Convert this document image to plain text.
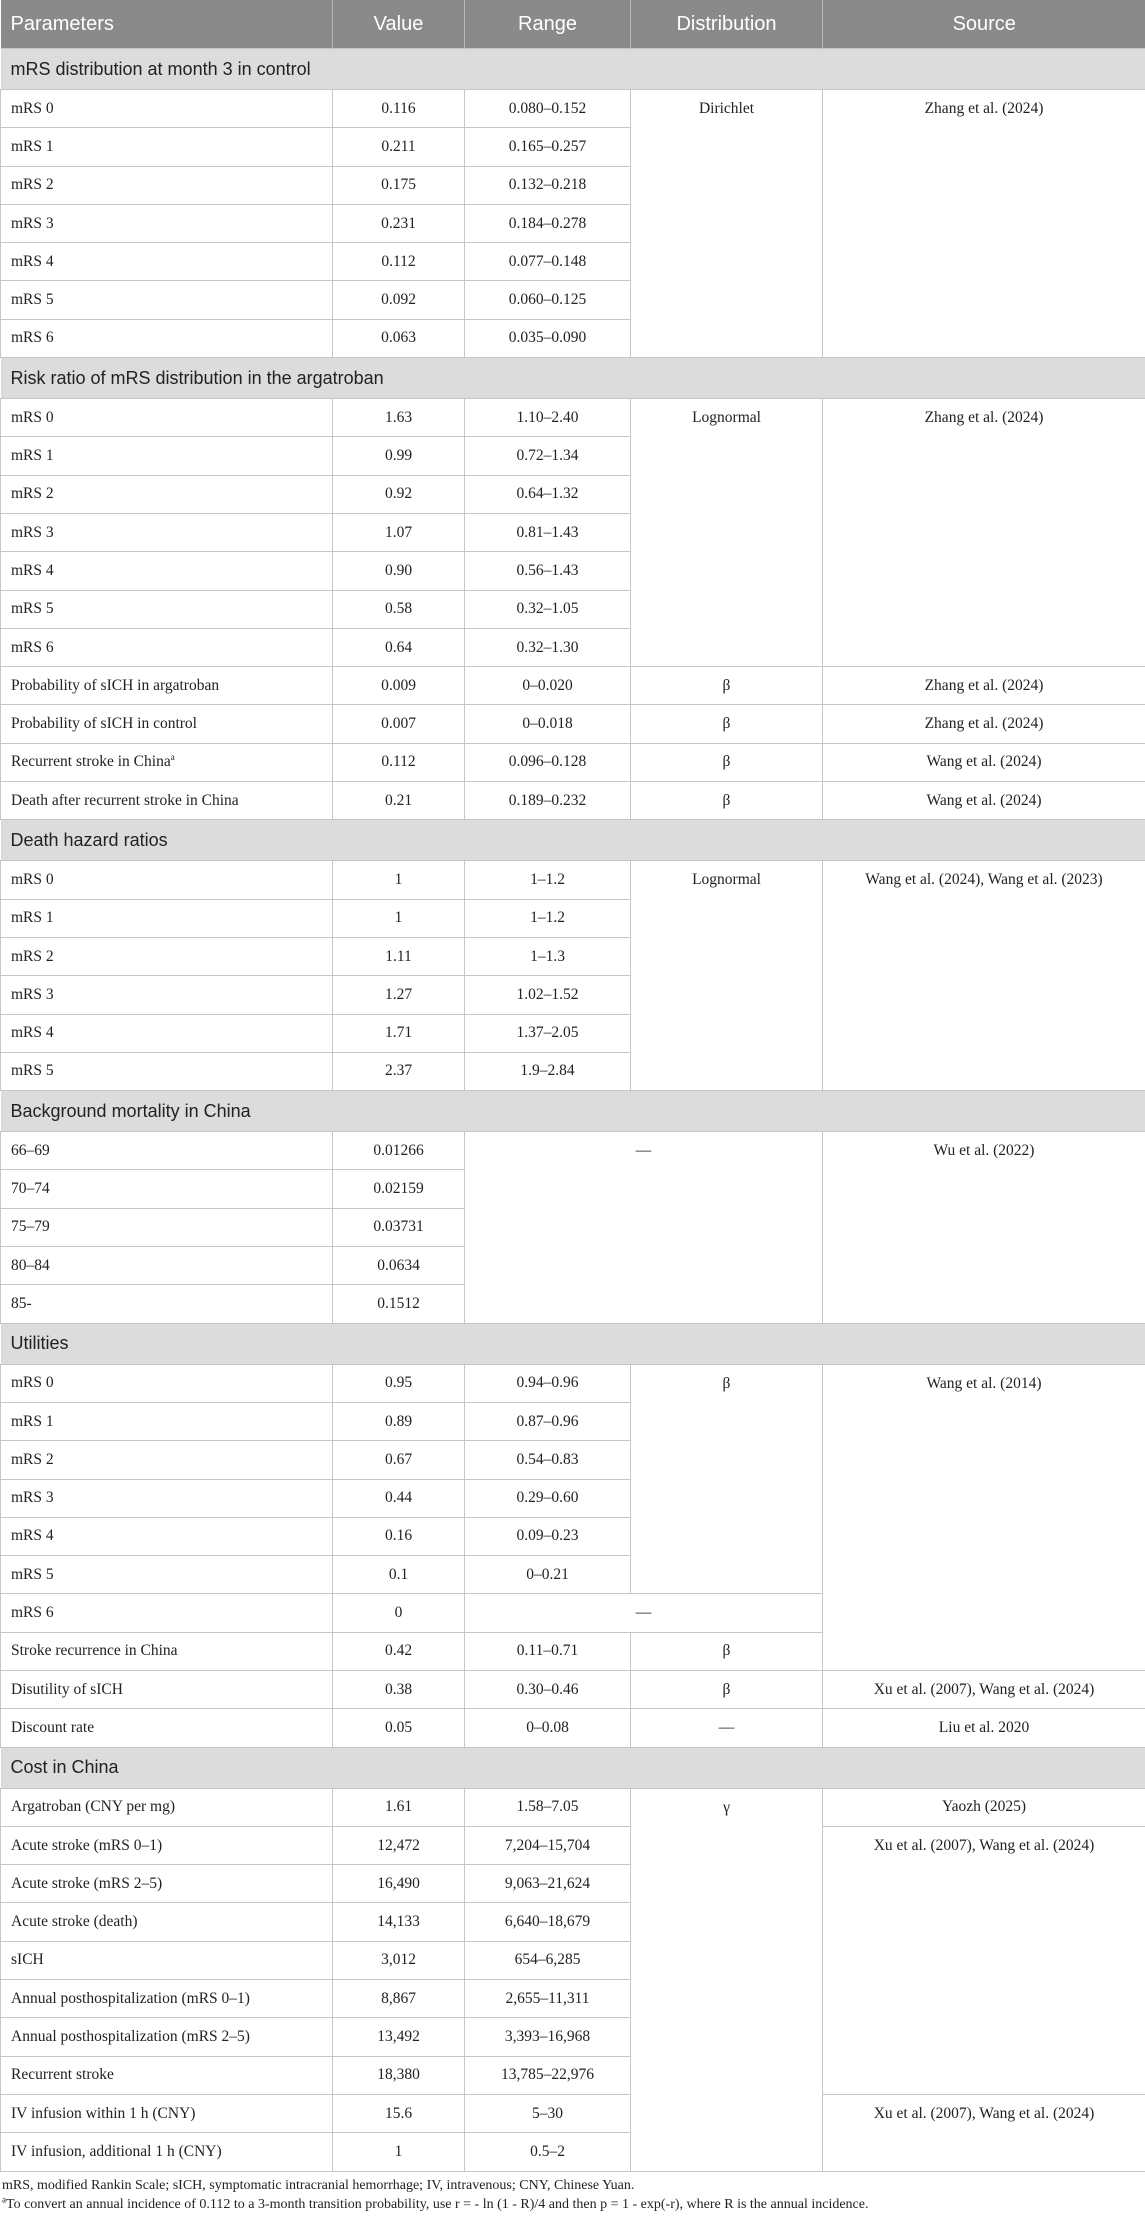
Parameters	Value	Range	Distribution	Source
mRS distribution at month 3 in control				
mRS 0	0.116	0.080–0.152	Dirichlet	Zhang et al. (2024)
mRS 1	0.211	0.165–0.257		
mRS 2	0.175	0.132–0.218		
mRS 3	0.231	0.184–0.278		
mRS 4	0.112	0.077–0.148		
mRS 5	0.092	0.060–0.125		
mRS 6	0.063	0.035–0.090		
Risk ratio of mRS distribution in the argatroban				
mRS 0	1.63	1.10–2.40	Lognormal	Zhang et al. (2024)
mRS 1	0.99	0.72–1.34		
mRS 2	0.92	0.64–1.32		
mRS 3	1.07	0.81–1.43		
mRS 4	0.90	0.56–1.43		
mRS 5	0.58	0.32–1.05		
mRS 6	0.64	0.32–1.30		
Probability of sICH in argatroban	0.009	0–0.020	β	Zhang et al. (2024)
Probability of sICH in control	0.007	0–0.018	β	Zhang et al. (2024)
Recurrent stroke in China$^a$	0.112	0.096–0.128	β	Wang et al. (2024)
Death after recurrent stroke in China	0.21	0.189–0.232	β	Wang et al. (2024)
Death hazard ratios				
mRS 0	1	1–1.2	Lognormal	Wang et al. (2024), Wang et al. (2023)
mRS 1	1	1–1.2		
mRS 2	1.11	1–1.3		
mRS 3	1.27	1.02–1.52		
mRS 4	1.71	1.37–2.05		
mRS 5	2.37	1.9–2.84		
Background mortality in China				
66–69	0.01266	—		Wu et al. (2022)
70–74	0.02159			
75–79	0.03731			
80–84	0.0634			
85-	0.1512			
Utilities				
mRS 0	0.95	0.94–0.96	β	Wang et al. (2014)
mRS 1	0.89	0.87–0.96		
mRS 2	0.67	0.54–0.83		
mRS 3	0.44	0.29–0.60		
mRS 4	0.16	0.09–0.23		
mRS 5	0.1	0–0.21		
mRS 6	0	—		
Stroke recurrence in China	0.42	0.11–0.71	β	
Disutility of sICH	0.38	0.30–0.46	β	Xu et al. (2007), Wang et al. (2024)
Discount rate	0.05	0–0.08	—	Liu et al. 2020
Cost in China				
Argatroban (CNY per mg)	1.61	1.58–7.05	γ	Yaozh (2025)
Acute stroke (mRS 0–1)	12,472	7,204–15,704		Xu et al. (2007), Wang et al. (2024)
Acute stroke (mRS 2–5)	16,490	9,063–21,624		
Acute stroke (death)	14,133	6,640–18,679		
sICH	3,012	654–6,285		
Annual posthospitalization (mRS 0–1)	8,867	2,655–11,311		
Annual posthospitalization (mRS 2–5)	13,492	3,393–16,968		
Recurrent stroke	18,380	13,785–22,976		
IV infusion within 1 h (CNY)	15.6	5–30		Xu et al. (2007), Wang et al. (2024)
IV infusion, additional 1 h (CNY)	1	0.5–2		
mRS, modified Rankin Scale; sICH, symptomatic intracranial hemorrhage; IV, intravenous; CNY, Chinese Yuan.
$^a$To convert an annual incidence of 0.112 to a 3-month transition probability, use r = - ln (1 - R)/4 and then p = 1 - exp(-r), where R is the annual incidence.
